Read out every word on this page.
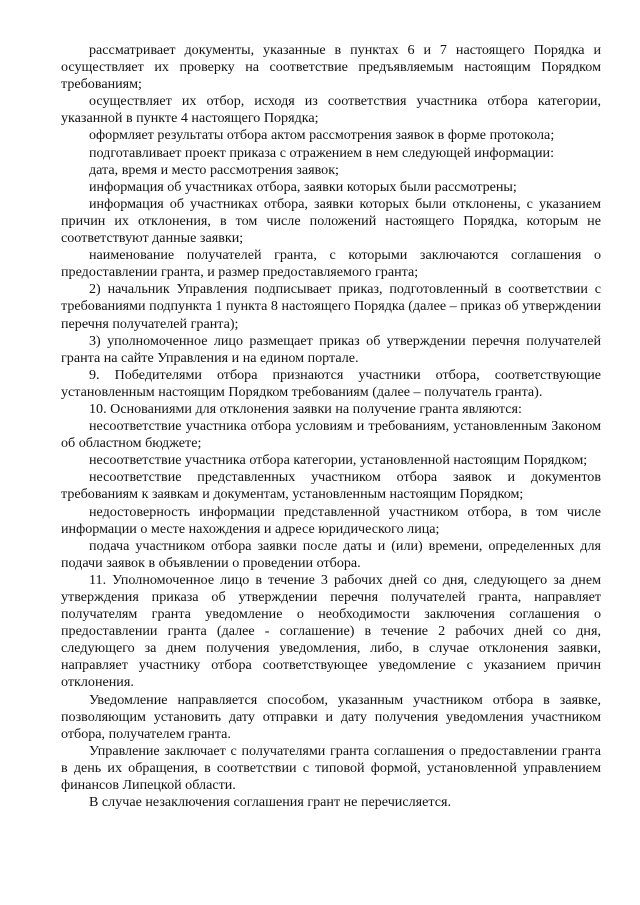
рассматривает документы, указанные в пунктах 6 и 7 настоящего Порядка и осуществляет их проверку на соответствие предъявляемым настоящим Порядком требованиям;

осуществляет их отбор, исходя из соответствия участника отбора категории, указанной в пункте 4 настоящего Порядка;

оформляет результаты отбора актом рассмотрения заявок в форме протокола;

подготавливает проект приказа с отражением в нем следующей информации:

дата, время и место рассмотрения заявок;

информация об участниках отбора, заявки которых были рассмотрены;

информация об участниках отбора, заявки которых были отклонены, с указанием причин их отклонения, в том числе положений настоящего Порядка, которым не соответствуют данные заявки;

наименование получателей гранта, с которыми заключаются соглашения о предоставлении гранта, и размер предоставляемого гранта;

2) начальник Управления подписывает приказ, подготовленный в соответствии с требованиями подпункта 1 пункта 8 настоящего Порядка (далее – приказ об утверждении перечня получателей гранта);

3) уполномоченное лицо размещает приказ об утверждении перечня получателей гранта на сайте Управления и на едином портале.

9. Победителями отбора признаются участники отбора, соответствующие установленным настоящим Порядком требованиям (далее – получатель гранта).

10. Основаниями для отклонения заявки на получение гранта являются:

несоответствие участника отбора условиям и требованиям, установленным Законом об областном бюджете;

несоответствие участника отбора категории, установленной настоящим Порядком;

несоответствие представленных участником отбора заявок и документов требованиям к заявкам и документам, установленным настоящим Порядком;

недостоверность информации представленной участником отбора, в том числе информации о месте нахождения и адресе юридического лица;

подача участником отбора заявки после даты и (или) времени, определенных для подачи заявок в объявлении о проведении отбора.

11. Уполномоченное лицо в течение 3 рабочих дней со дня, следующего за днем утверждения приказа об утверждении перечня получателей гранта, направляет получателям гранта уведомление о необходимости заключения соглашения о предоставлении гранта (далее - соглашение) в течение 2 рабочих дней со дня, следующего за днем получения уведомления, либо, в случае отклонения заявки, направляет участнику отбора соответствующее уведомление с указанием причин отклонения.

Уведомление направляется способом, указанным участником отбора в заявке, позволяющим установить дату отправки и дату получения уведомления участником отбора, получателем гранта.

Управление заключает с получателями гранта соглашения о предоставлении гранта в день их обращения, в соответствии с типовой формой, установленной управлением финансов Липецкой области.

В случае незаключения соглашения грант не перечисляется.
